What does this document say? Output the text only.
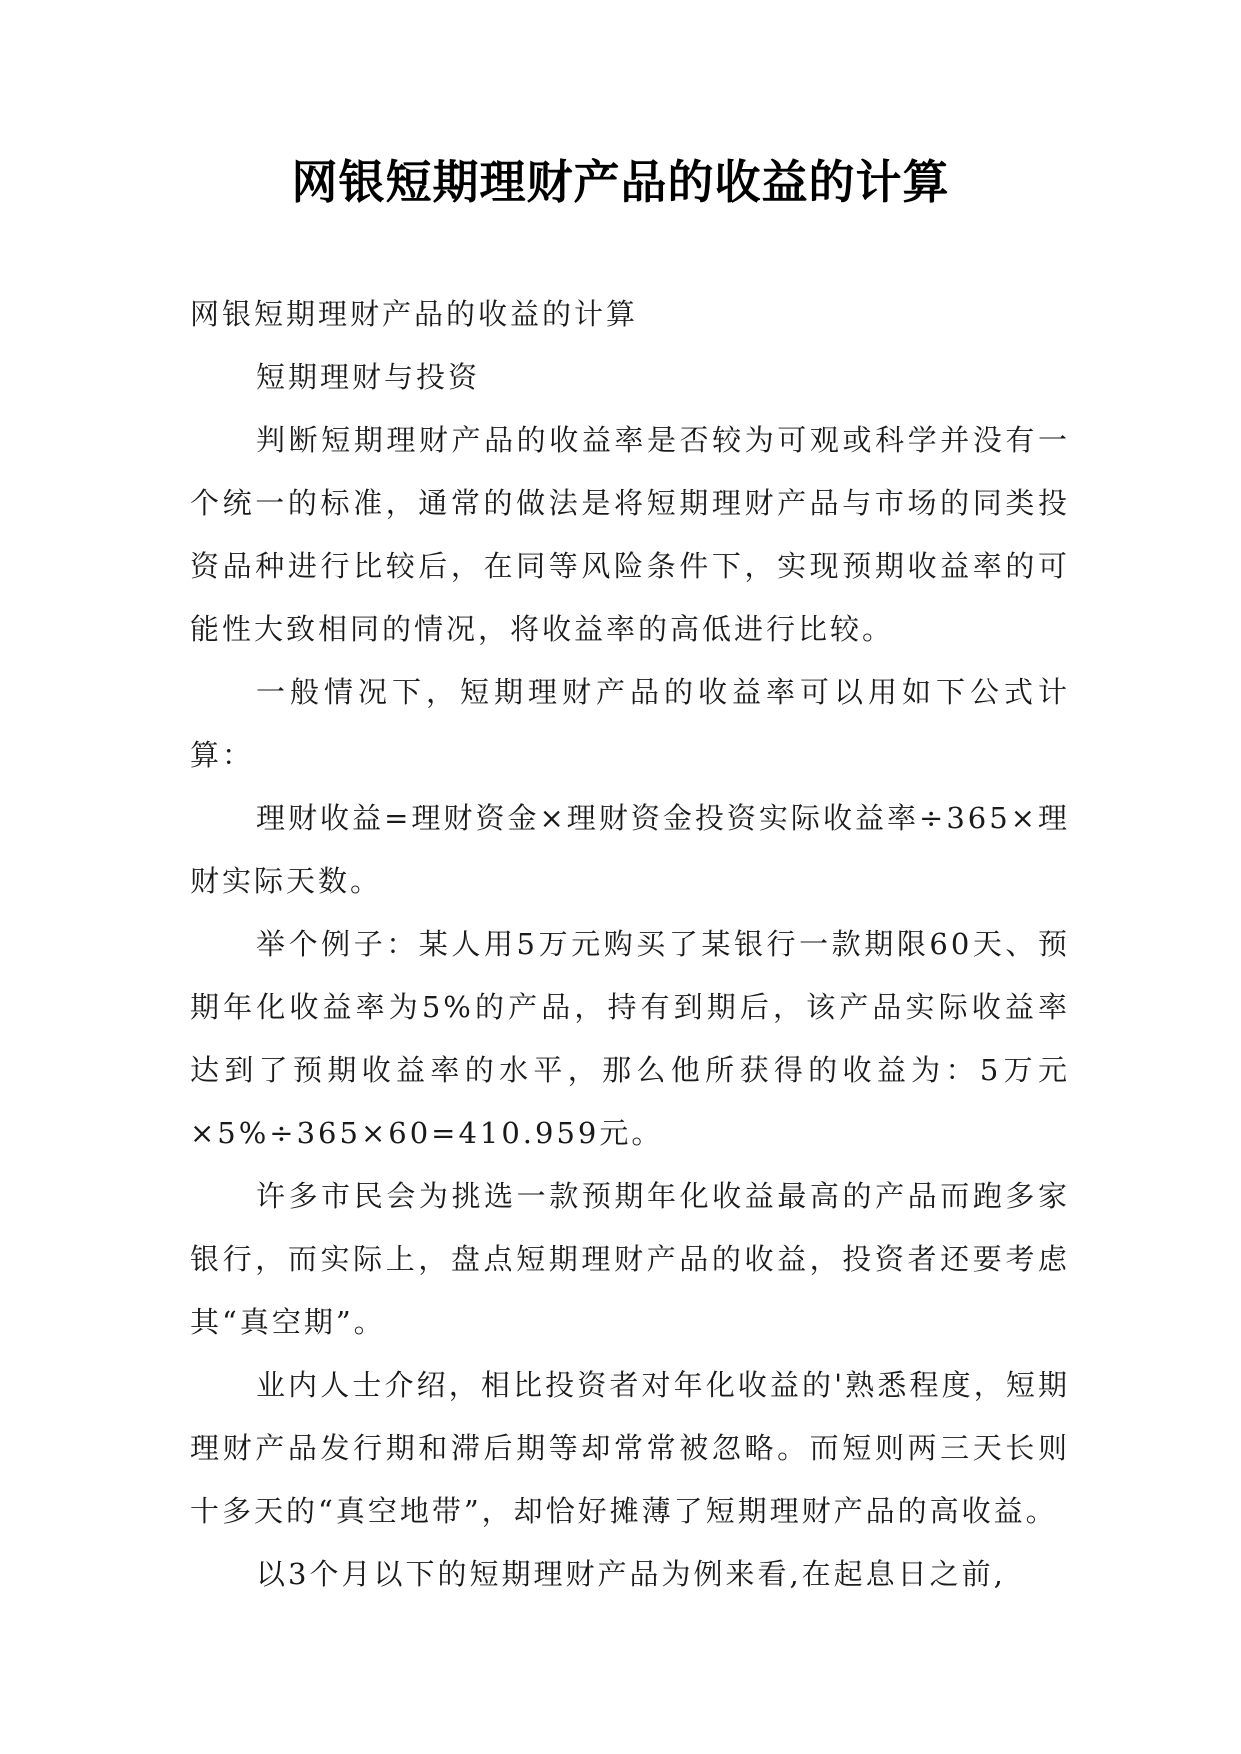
网银短期理财产品的收益的计算

网银短期理财产品的收益的计算

短期理财与投资

判断短期理财产品的收益率是否较为可观或科学并没有一个统一的标准，通常的做法是将短期理财产品与市场的同类投资品种进行比较后，在同等风险条件下，实现预期收益率的可能性大致相同的情况，将收益率的高低进行比较。

一般情况下，短期理财产品的收益率可以用如下公式计算：

理财收益=理财资金×理财资金投资实际收益率÷365×理财实际天数。

举个例子：某人用5万元购买了某银行一款期限60天、预期年化收益率为5%的产品，持有到期后，该产品实际收益率达到了预期收益率的水平，那么他所获得的收益为：5万元×5%÷365×60=410.959元。

许多市民会为挑选一款预期年化收益最高的产品而跑多家银行，而实际上，盘点短期理财产品的收益，投资者还要考虑其“真空期”。

业内人士介绍，相比投资者对年化收益的'熟悉程度，短期理财产品发行期和滞后期等却常常被忽略。而短则两三天长则十多天的“真空地带”，却恰好摊薄了短期理财产品的高收益。

以3个月以下的短期理财产品为例来看,在起息日之前,
